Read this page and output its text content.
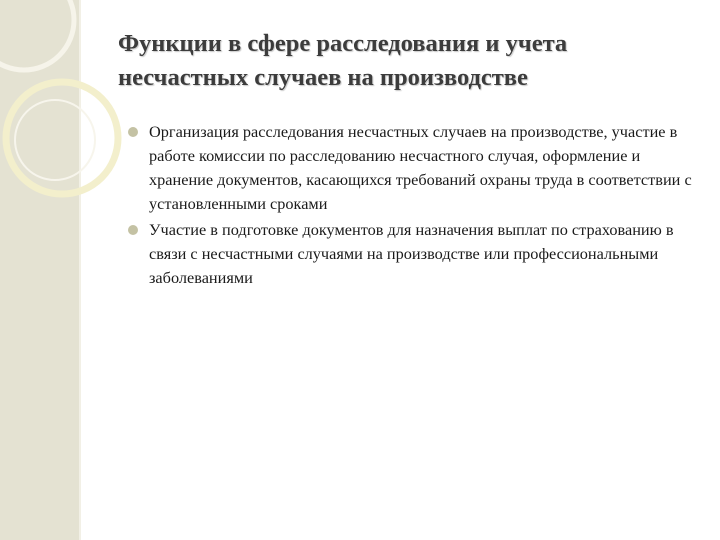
Функции в сфере расследования и учета несчастных случаев на производстве
Организация расследования несчастных случаев на производстве, участие в работе комиссии по расследованию несчастного случая, оформление и хранение документов, касающихся требований охраны труда в соответствии с установленными сроками
Участие в подготовке документов для назначения выплат по страхованию в связи с несчастными случаями на производстве или профессиональными заболеваниями
